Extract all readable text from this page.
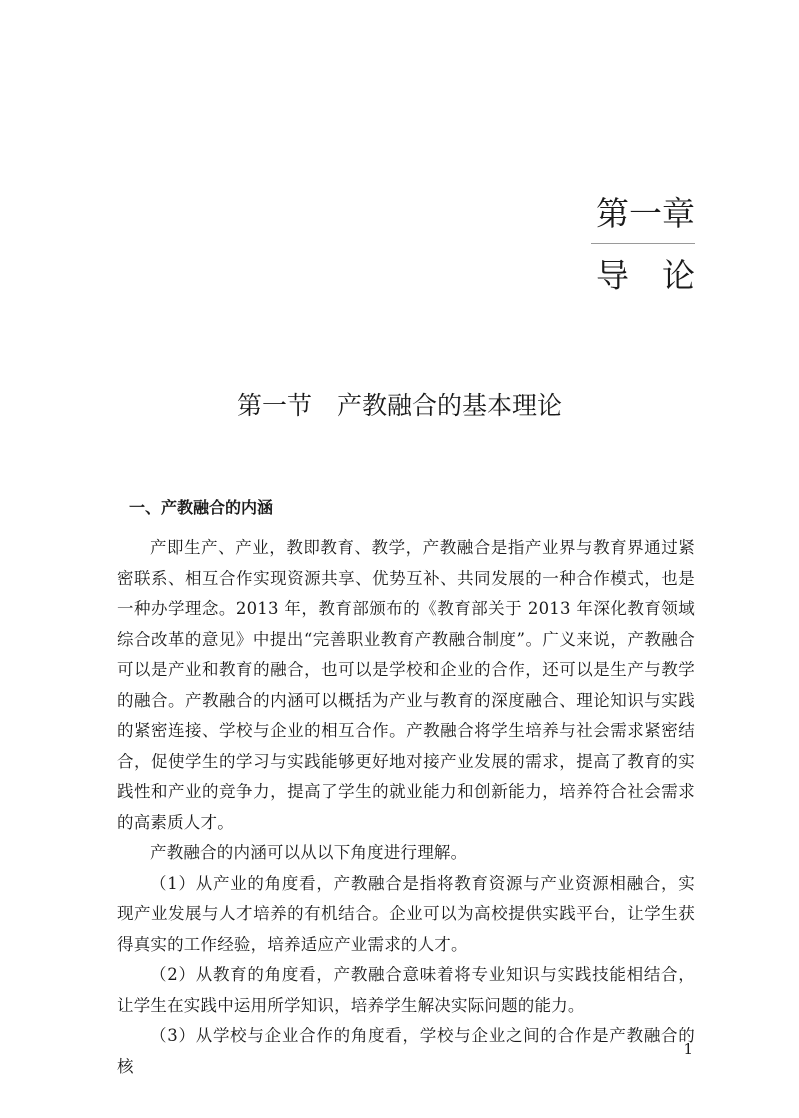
第一章
导　论
第一节　产教融合的基本理论
一、产教融合的内涵

产即生产、产业，教即教育、教学，产教融合是指产业界与教育界通过紧密联系、相互合作实现资源共享、优势互补、共同发展的一种合作模式，也是一种办学理念。2013 年，教育部颁布的《教育部关于 2013 年深化教育领域综合改革的意见》中提出“完善职业教育产教融合制度”。广义来说，产教融合可以是产业和教育的融合，也可以是学校和企业的合作，还可以是生产与教学的融合。产教融合的内涵可以概括为产业与教育的深度融合、理论知识与实践的紧密连接、学校与企业的相互合作。产教融合将学生培养与社会需求紧密结合，促使学生的学习与实践能够更好地对接产业发展的需求，提高了教育的实践性和产业的竞争力，提高了学生的就业能力和创新能力，培养符合社会需求的高素质人才。

产教融合的内涵可以从以下角度进行理解。

（1）从产业的角度看，产教融合是指将教育资源与产业资源相融合，实现产业发展与人才培养的有机结合。企业可以为高校提供实践平台，让学生获得真实的工作经验，培养适应产业需求的人才。

（2）从教育的角度看，产教融合意味着将专业知识与实践技能相结合，让学生在实践中运用所学知识，培养学生解决实际问题的能力。

（3）从学校与企业合作的角度看，学校与企业之间的合作是产教融合的核

1
